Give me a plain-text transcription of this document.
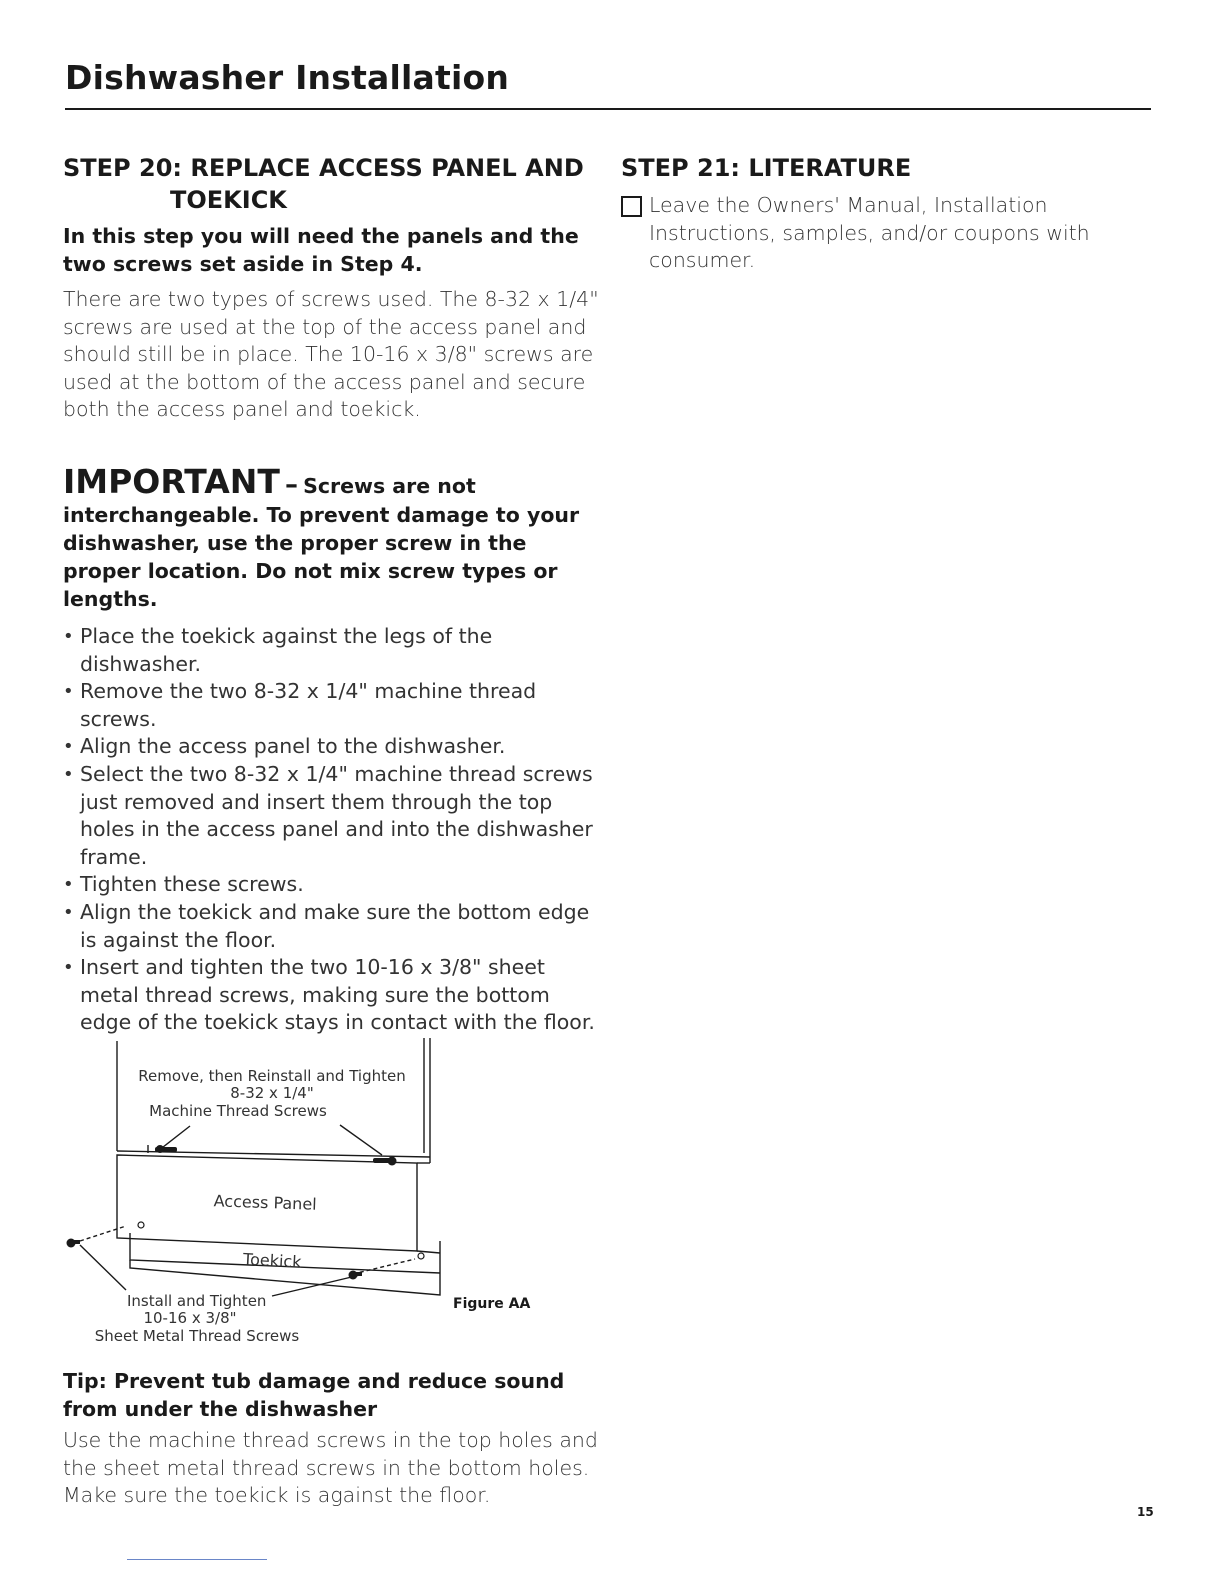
Dishwasher Installation
STEP 20: REPLACE ACCESS PANEL AND
TOEKICK

In this step you will need the panels and the two screws set aside in Step 4.

There are two types of screws used. The 8-32 x 1/4" screws are used at the top of the access panel and should still be in place. The 10-16 x 3/8" screws are used at the bottom of the access panel and secure both the access panel and toekick.

IMPORTANT – Screws are not
interchangeable. To prevent damage to your dishwasher, use the proper screw in the proper location. Do not mix screw types or lengths.
• Place the toekick against the legs of the dishwasher.
• Remove the two 8-32 x 1/4" machine thread screws.
• Align the access panel to the dishwasher.
• Select the two 8-32 x 1/4" machine thread screws just removed and insert them through the top holes in the access panel and into the dishwasher frame.
• Tighten these screws.
• Align the toekick and make sure the bottom edge is against the floor.
• Insert and tighten the two 10-16 x 3/8" sheet metal thread screws, making sure the bottom edge of the toekick stays in contact with the floor.
Remove, then Reinstall and Tighten
8-32 x 1/4"
Machine Thread Screws
Access Panel
Toekick
Install and Tighten
10-16 x 3/8"
Sheet Metal Thread Screws
Figure AA

Tip: Prevent tub damage and reduce sound from under the dishwasher

Use the machine thread screws in the top holes and the sheet metal thread screws in the bottom holes. Make sure the toekick is against the floor.

STEP 21: LITERATURE
Leave the Owners' Manual, Installation Instructions, samples, and/or coupons with consumer.
15
